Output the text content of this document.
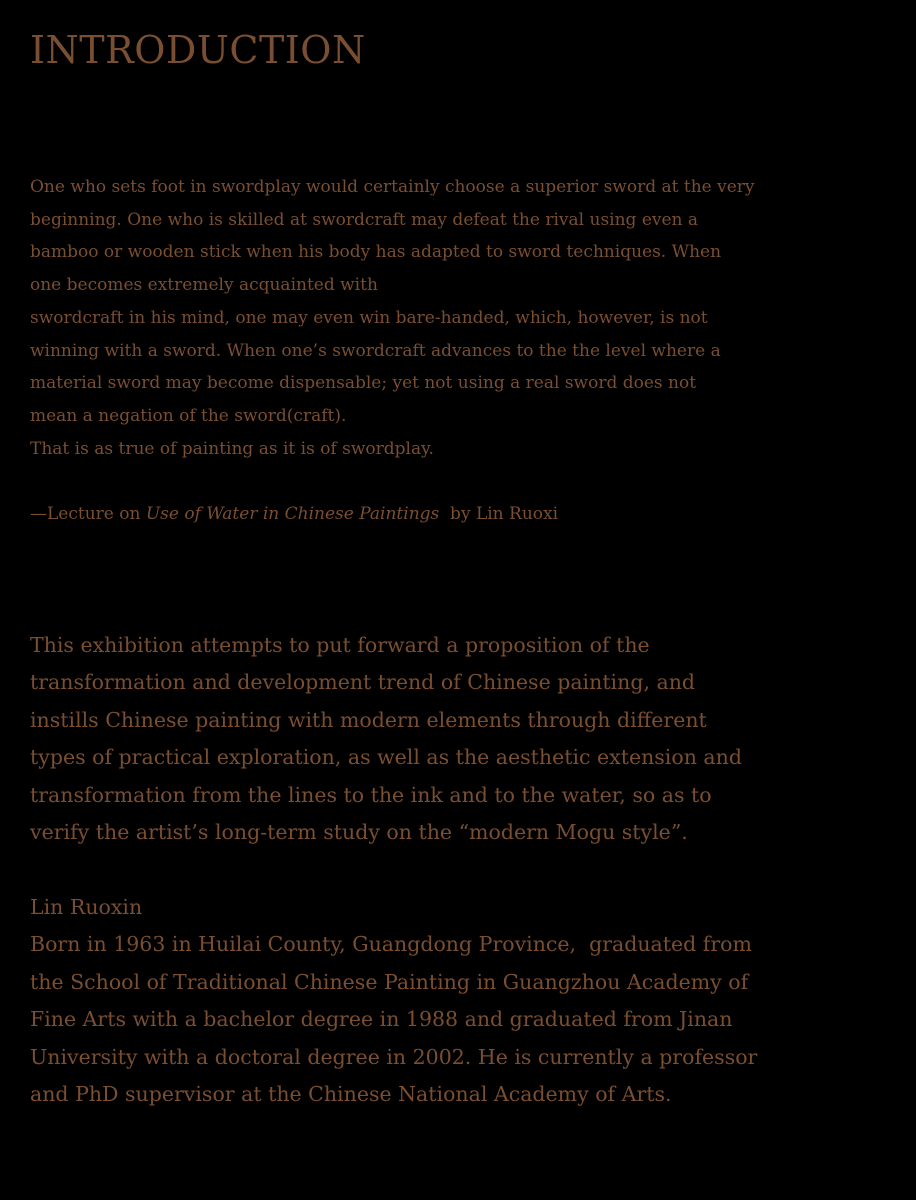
INTRODUCTION
One who sets foot in swordplay would certainly choose a superior sword at the very
beginning. One who is skilled at swordcraft may defeat the rival using even a
bamboo or wooden stick when his body has adapted to sword techniques. When
one becomes extremely acquainted with
swordcraft in his mind, one may even win bare-handed, which, however, is not
winning with a sword. When one’s swordcraft advances to the the level where a
material sword may become dispensable; yet not using a real sword does not
mean a negation of the sword(craft).
That is as true of painting as it is of swordplay.
—Lecture on Use of Water in Chinese Paintings  by Lin Ruoxi
This exhibition attempts to put forward a proposition of the
transformation and development trend of Chinese painting, and
instills Chinese painting with modern elements through different
types of practical exploration, as well as the aesthetic extension and
transformation from the lines to the ink and to the water, so as to
verify the artist’s long-term study on the “modern Mogu style”.
Lin Ruoxin
Born in 1963 in Huilai County, Guangdong Province,  graduated from
the School of Traditional Chinese Painting in Guangzhou Academy of
Fine Arts with a bachelor degree in 1988 and graduated from Jinan
University with a doctoral degree in 2002. He is currently a professor
and PhD supervisor at the Chinese National Academy of Arts.
